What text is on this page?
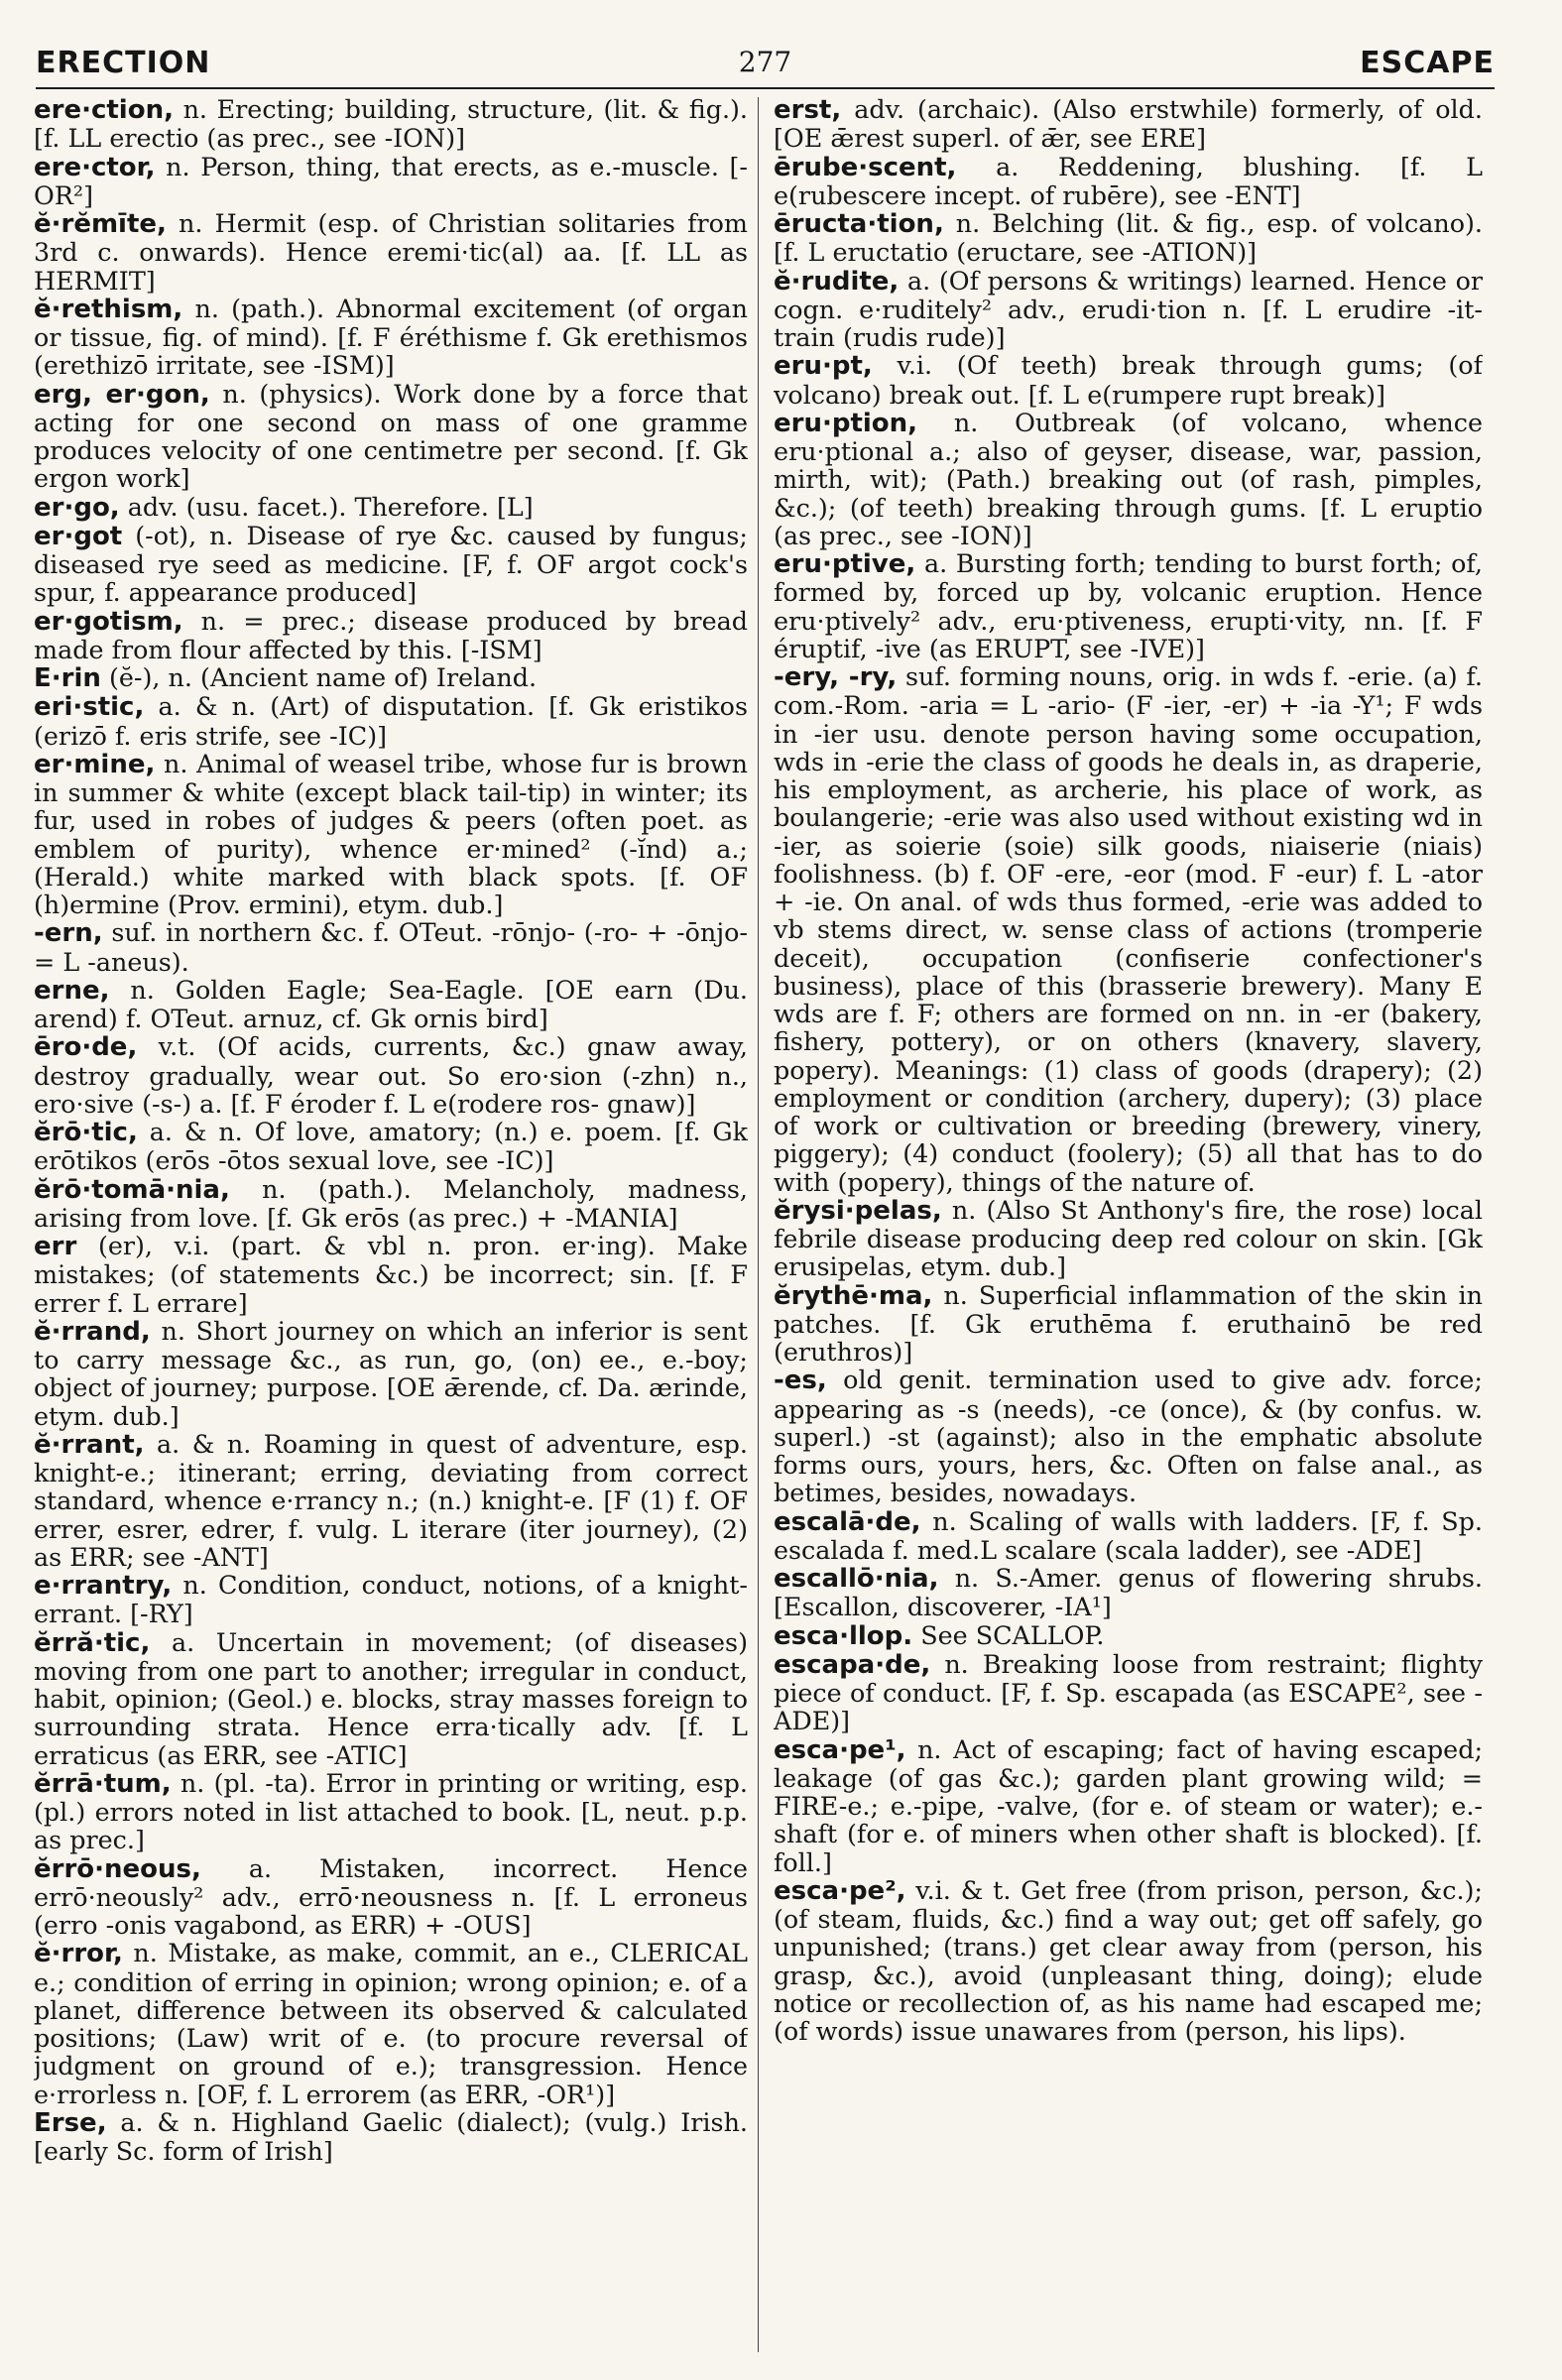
ERECTION	277	ESCAPE

ere·ction, n. Erecting; building, structure, (lit. & fig.). [f. LL erectio (as prec., see -ION)]

ere·ctor, n. Person, thing, that erects, as e.-muscle. [-OR²]

ĕ·rĕmīte, n. Hermit (esp. of Christian solitaries from 3rd c. onwards). Hence eremi·tic(al) aa. [f. LL as HERMIT]

ĕ·rethism, n. (path.). Abnormal excitement (of organ or tissue, fig. of mind). [f. F éréthisme f. Gk erethismos (erethizō irritate, see -ISM)]

erg, er·gon, n. (physics). Work done by a force that acting for one second on mass of one gramme produces velocity of one centimetre per second. [f. Gk ergon work]

er·go, adv. (usu. facet.). Therefore. [L]

er·got (-ot), n. Disease of rye &c. caused by fungus; diseased rye seed as medicine. [F, f. OF argot cock's spur, f. appearance produced]

er·gotism, n. = prec.; disease produced by bread made from flour affected by this. [-ISM]

E·rin (ĕ-), n. (Ancient name of) Ireland.

eri·stic, a. & n. (Art) of disputation. [f. Gk eristikos (erizō f. eris strife, see -IC)]

er·mine, n. Animal of weasel tribe, whose fur is brown in summer & white (except black tail-tip) in winter; its fur, used in robes of judges & peers (often poet. as emblem of purity), whence er·mined² (-ĭnd) a.; (Herald.) white marked with black spots. [f. OF (h)ermine (Prov. ermini), etym. dub.]

-ern, suf. in northern &c. f. OTeut. -rōnjo- (-ro- + -ōnjo- = L -aneus).

erne, n. Golden Eagle; Sea-Eagle. [OE earn (Du. arend) f. OTeut. arnuz, cf. Gk ornis bird]

ēro·de, v.t. (Of acids, currents, &c.) gnaw away, destroy gradually, wear out. So ero·sion (-zhn) n., ero·sive (-s-) a. [f. F éroder f. L e(rodere ros- gnaw)]

ĕrō·tic, a. & n. Of love, amatory; (n.) e. poem. [f. Gk erōtikos (erōs -ōtos sexual love, see -IC)]

ĕrō·tomā·nia, n. (path.). Melancholy, madness, arising from love. [f. Gk erōs (as prec.) + -MANIA]

err (er), v.i. (part. & vbl n. pron. er·ing). Make mistakes; (of statements &c.) be incorrect; sin. [f. F errer f. L errare]

ĕ·rrand, n. Short journey on which an inferior is sent to carry message &c., as run, go, (on) ee., e.-boy; object of journey; purpose. [OE ǣrende, cf. Da. ærinde, etym. dub.]

ĕ·rrant, a. & n. Roaming in quest of adventure, esp. knight-e.; itinerant; erring, deviating from correct standard, whence e·rrancy n.; (n.) knight-e. [F (1) f. OF errer, esrer, edrer, f. vulg. L iterare (iter journey), (2) as ERR; see -ANT]

e·rrantry, n. Condition, conduct, notions, of a knight-errant. [-RY]

ĕrră·tic, a. Uncertain in movement; (of diseases) moving from one part to another; irregular in conduct, habit, opinion; (Geol.) e. blocks, stray masses foreign to surrounding strata. Hence erra·tically adv. [f. L erraticus (as ERR, see -ATIC]

ĕrrā·tum, n. (pl. -ta). Error in printing or writing, esp. (pl.) errors noted in list attached to book. [L, neut. p.p. as prec.]

ĕrrō·neous, a. Mistaken, incorrect. Hence errō·neously² adv., errō·neousness n. [f. L erroneus (erro -onis vagabond, as ERR) + -OUS]

ĕ·rror, n. Mistake, as make, commit, an e., CLERICAL e.; condition of erring in opinion; wrong opinion; e. of a planet, difference between its observed & calculated positions; (Law) writ of e. (to procure reversal of judgment on ground of e.); transgression. Hence e·rrorless n. [OF, f. L errorem (as ERR, -OR¹)]

Erse, a. & n. Highland Gaelic (dialect); (vulg.) Irish. [early Sc. form of Irish]

erst, adv. (archaic). (Also erstwhile) formerly, of old. [OE ǣrest superl. of ǣr, see ERE]

ērube·scent, a. Reddening, blushing. [f. L e(rubescere incept. of rubēre), see -ENT]

ēructa·tion, n. Belching (lit. & fig., esp. of volcano). [f. L eructatio (eructare, see -ATION)]

ĕ·rudite, a. (Of persons & writings) learned. Hence or cogn. e·ruditely² adv., erudi·tion n. [f. L erudire -it- train (rudis rude)]

eru·pt, v.i. (Of teeth) break through gums; (of volcano) break out. [f. L e(rumpere rupt break)]

eru·ption, n. Outbreak (of volcano, whence eru·ptional a.; also of geyser, disease, war, passion, mirth, wit); (Path.) breaking out (of rash, pimples, &c.); (of teeth) breaking through gums. [f. L eruptio (as prec., see -ION)]

eru·ptive, a. Bursting forth; tending to burst forth; of, formed by, forced up by, volcanic eruption. Hence eru·ptively² adv., eru·ptiveness, erupti·vity, nn. [f. F éruptif, -ive (as ERUPT, see -IVE)]

-ery, -ry, suf. forming nouns, orig. in wds f. -erie. (a) f. com.-Rom. -aria = L -ario- (F -ier, -er) + -ia -Y¹; F wds in -ier usu. denote person having some occupation, wds in -erie the class of goods he deals in, as draperie, his employment, as archerie, his place of work, as boulangerie; -erie was also used without existing wd in -ier, as soierie (soie) silk goods, niaiserie (niais) foolishness. (b) f. OF -ere, -eor (mod. F -eur) f. L -ator + -ie. On anal. of wds thus formed, -erie was added to vb stems direct, w. sense class of actions (tromperie deceit), occupation (confiserie confectioner's business), place of this (brasserie brewery). Many E wds are f. F; others are formed on nn. in -er (bakery, fishery, pottery), or on others (knavery, slavery, popery). Meanings: (1) class of goods (drapery); (2) employment or condition (archery, dupery); (3) place of work or cultivation or breeding (brewery, vinery, piggery); (4) conduct (foolery); (5) all that has to do with (popery), things of the nature of.

ĕrysi·pelas, n. (Also St Anthony's fire, the rose) local febrile disease producing deep red colour on skin. [Gk erusipelas, etym. dub.]

ĕrythē·ma, n. Superficial inflammation of the skin in patches. [f. Gk eruthēma f. eruthainō be red (eruthros)]

-es, old genit. termination used to give adv. force; appearing as -s (needs), -ce (once), & (by confus. w. superl.) -st (against); also in the emphatic absolute forms ours, yours, hers, &c. Often on false anal., as betimes, besides, nowadays.

escalā·de, n. Scaling of walls with ladders. [F, f. Sp. escalada f. med.L scalare (scala ladder), see -ADE]

escallō·nia, n. S.-Amer. genus of flowering shrubs. [Escallon, discoverer, -IA¹]

esca·llop. See SCALLOP.

escapa·de, n. Breaking loose from restraint; flighty piece of conduct. [F, f. Sp. escapada (as ESCAPE², see -ADE)]

esca·pe¹, n. Act of escaping; fact of having escaped; leakage (of gas &c.); garden plant growing wild; = FIRE-e.; e.-pipe, -valve, (for e. of steam or water); e.-shaft (for e. of miners when other shaft is blocked). [f. foll.]

esca·pe², v.i. & t. Get free (from prison, person, &c.); (of steam, fluids, &c.) find a way out; get off safely, go unpunished; (trans.) get clear away from (person, his grasp, &c.), avoid (unpleasant thing, doing); elude notice or recollection of, as his name had escaped me; (of words) issue unawares from (person, his lips).
